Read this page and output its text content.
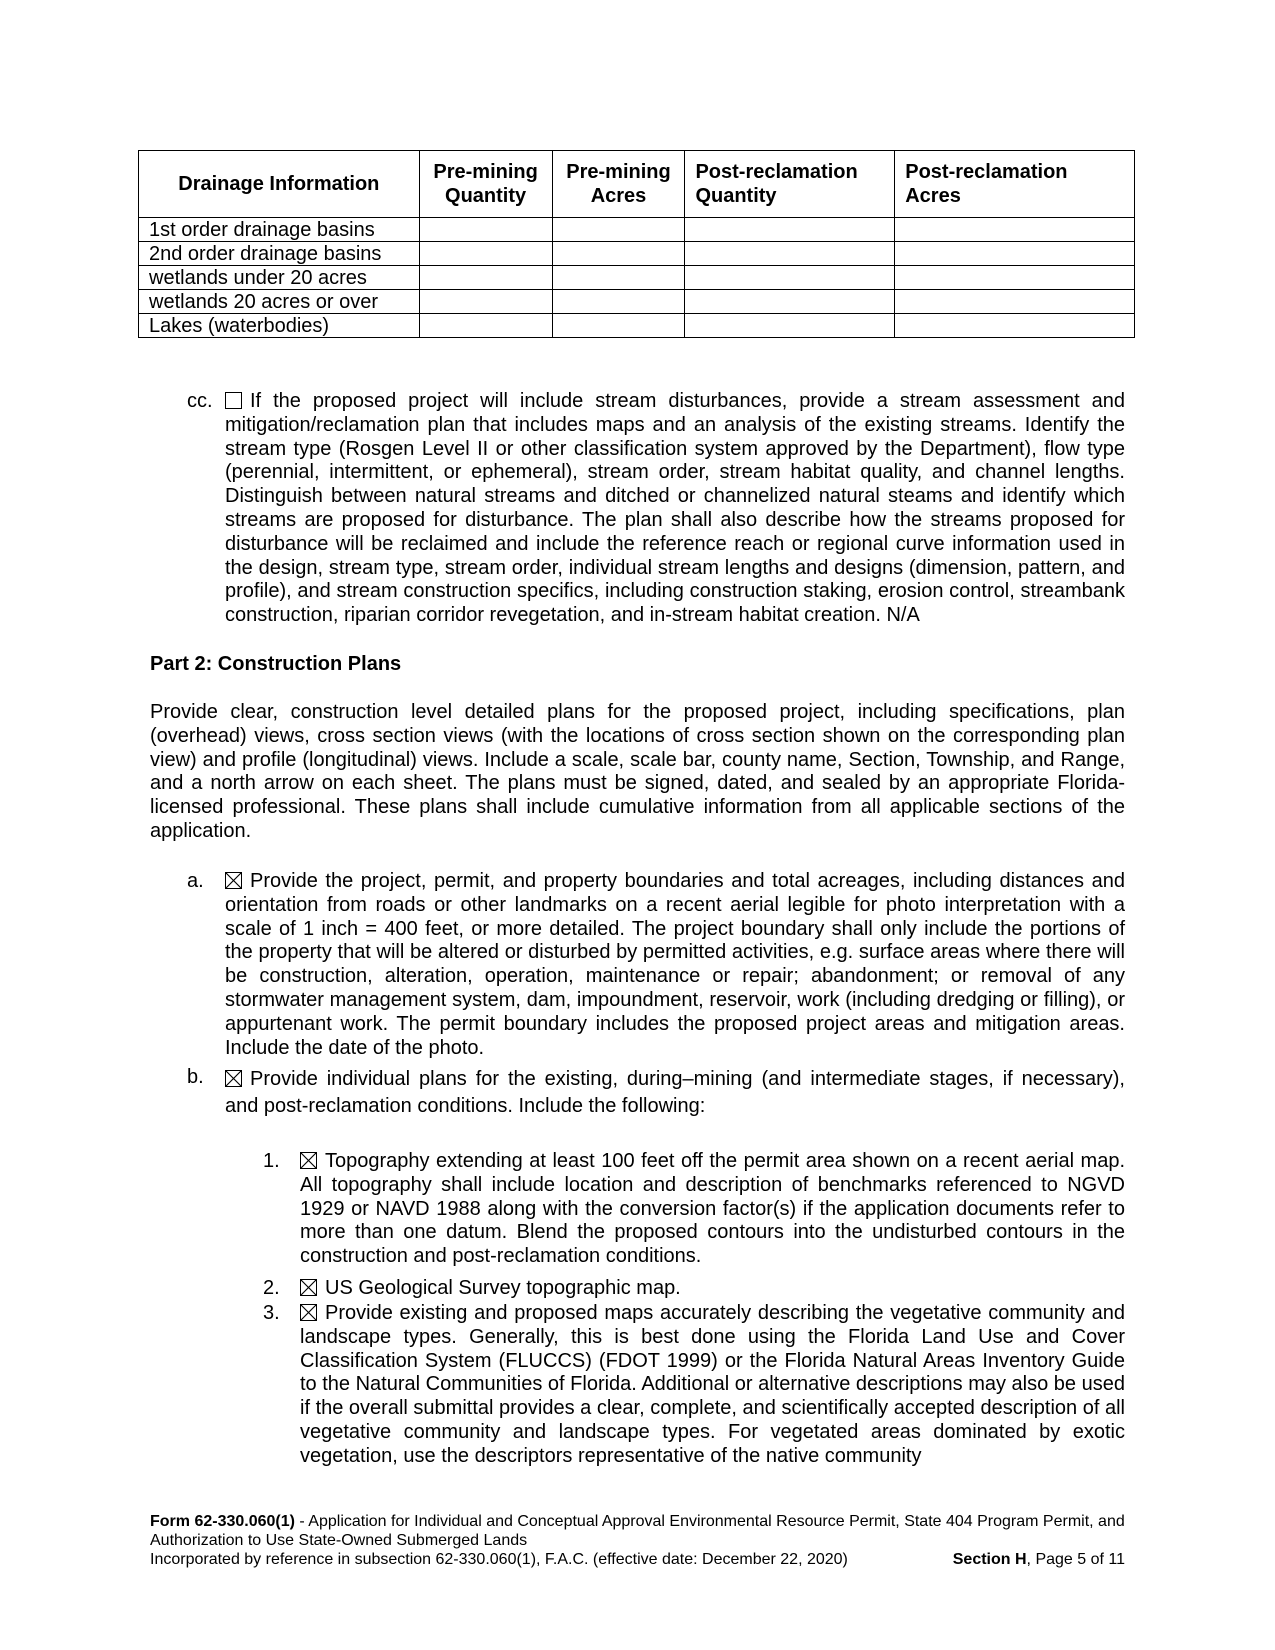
Drainage Information	Pre-mining Quantity	Pre-mining Acres	Post-reclamation Quantity	Post-reclamation Acres
1st order drainage basins				
2nd order drainage basins				
wetlands under 20 acres				
wetlands 20 acres or over				
Lakes (waterbodies)				
cc.	If the proposed project will include stream disturbances, provide a stream assessment and mitigation/reclamation plan that includes maps and an analysis of the existing streams. Identify the stream type (Rosgen Level II or other classification system approved by the Department), flow type (perennial, intermittent, or ephemeral), stream order, stream habitat quality, and channel lengths. Distinguish between natural streams and ditched or channelized natural steams and identify which streams are proposed for disturbance. The plan shall also describe how the streams proposed for disturbance will be reclaimed and include the reference reach or regional curve information used in the design, stream type, stream order, individual stream lengths and designs (dimension, pattern, and profile), and stream construction specifics, including construction staking, erosion control, streambank construction, riparian corridor revegetation, and in-stream habitat creation. N/A
Part 2: Construction Plans
Provide clear, construction level detailed plans for the proposed project, including specifications, plan (overhead) views, cross section views (with the locations of cross section shown on the corresponding plan view) and profile (longitudinal) views. Include a scale, scale bar, county name, Section, Township, and Range, and a north arrow on each sheet. The plans must be signed, dated, and sealed by an appropriate Florida-licensed professional. These plans shall include cumulative information from all applicable sections of the application.
a.	Provide the project, permit, and property boundaries and total acreages, including distances and orientation from roads or other landmarks on a recent aerial legible for photo interpretation with a scale of 1 inch = 400 feet, or more detailed. The project boundary shall only include the portions of the property that will be altered or disturbed by permitted activities, e.g. surface areas where there will be construction, alteration, operation, maintenance or repair; abandonment; or removal of any stormwater management system, dam, impoundment, reservoir, work (including dredging or filling), or appurtenant work. The permit boundary includes the proposed project areas and mitigation areas. Include the date of the photo.
b.	Provide individual plans for the existing, during–mining (and intermediate stages, if necessary), and post-reclamation conditions. Include the following:
1.	Topography extending at least 100 feet off the permit area shown on a recent aerial map. All topography shall include location and description of benchmarks referenced to NGVD 1929 or NAVD 1988 along with the conversion factor(s) if the application documents refer to more than one datum. Blend the proposed contours into the undisturbed contours in the construction and post-reclamation conditions.
2.	US Geological Survey topographic map.
3.	Provide existing and proposed maps accurately describing the vegetative community and landscape types. Generally, this is best done using the Florida Land Use and Cover Classification System (FLUCCS) (FDOT 1999) or the Florida Natural Areas Inventory Guide to the Natural Communities of Florida. Additional or alternative descriptions may also be used if the overall submittal provides a clear, complete, and scientifically accepted description of all vegetative community and landscape types. For vegetated areas dominated by exotic vegetation, use the descriptors representative of the native community
Form 62-330.060(1) - Application for Individual and Conceptual Approval Environmental Resource Permit, State 404 Program Permit, and Authorization to Use State-Owned Submerged Lands
Incorporated by reference in subsection 62-330.060(1), F.A.C. (effective date: December 22, 2020)	Section H, Page 5 of 11
